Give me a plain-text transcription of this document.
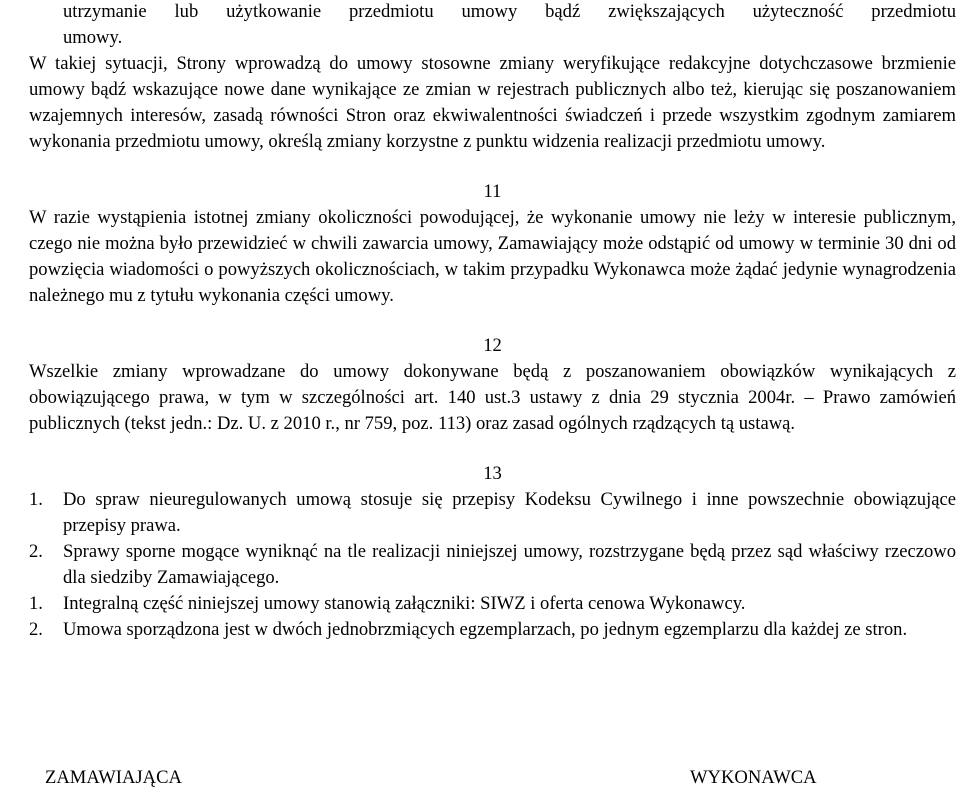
utrzymanie lub użytkowanie przedmiotu umowy bądź zwiększających użyteczność przedmiotu

umowy.

W takiej sytuacji, Strony wprowadzą do umowy stosowne zmiany weryfikujące redakcyjne dotychczasowe brzmienie umowy bądź wskazujące nowe dane wynikające ze zmian w rejestrach publicznych albo też, kierując się poszanowaniem wzajemnych interesów, zasadą równości Stron oraz ekwiwalentności świadczeń i przede wszystkim zgodnym zamiarem wykonania przedmiotu umowy, określą zmiany korzystne z punktu widzenia realizacji przedmiotu umowy.

11

W razie wystąpienia istotnej zmiany okoliczności powodującej, że wykonanie umowy nie leży w interesie publicznym, czego nie można było przewidzieć w chwili zawarcia umowy, Zamawiający może odstąpić od umowy w terminie 30 dni od powzięcia wiadomości o powyższych okolicznościach, w takim przypadku Wykonawca może żądać jedynie wynagrodzenia należnego mu z tytułu wykonania części umowy.

12

Wszelkie zmiany wprowadzane do umowy dokonywane będą z poszanowaniem obowiązków wynikających z obowiązującego prawa, w tym w szczególności art. 140 ust.3 ustawy z dnia 29 stycznia 2004r. – Prawo zamówień publicznych (tekst jedn.: Dz. U. z 2010 r., nr 759, poz. 113) oraz zasad ogólnych rządzących tą ustawą.

13
1. Do spraw nieuregulowanych umową stosuje się przepisy Kodeksu Cywilnego i inne powszechnie obowiązujące przepisy prawa.
2. Sprawy sporne mogące wyniknąć na tle realizacji niniejszej umowy, rozstrzygane będą przez sąd właściwy rzeczowo dla siedziby Zamawiającego.
1. Integralną część niniejszej umowy stanowią załączniki: SIWZ i oferta cenowa Wykonawcy.
2. Umowa sporządzona jest w dwóch jednobrzmiących egzemplarzach, po jednym egzemplarzu dla każdej ze stron.
ZAMAWIAJĄCA	WYKONAWCA
